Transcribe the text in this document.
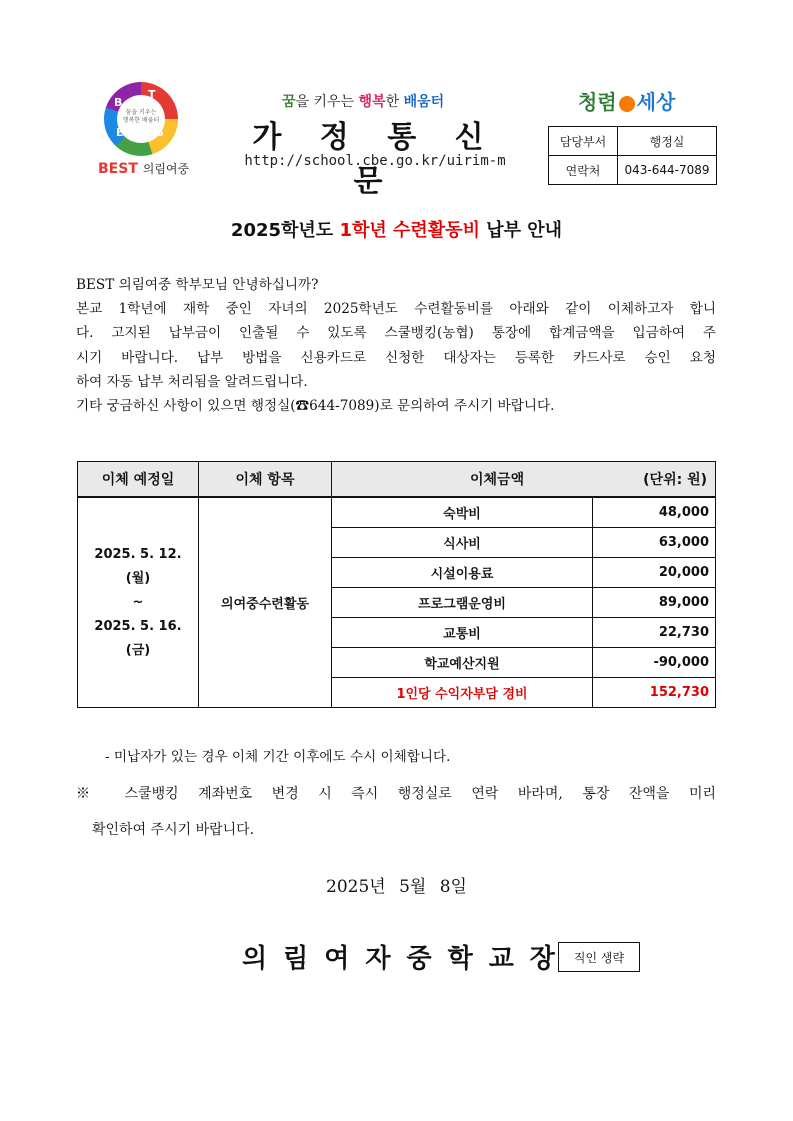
꿈을 키우는
행복한 배움터
B
E	S
T
BEST 의림여중
꿈을 키우는 행복한 배움터
가 정 통 신 문
http://school.cbe.go.kr/uirim-m
청렴 세상
담당부서	행정실
연락처	043-644-7089
2025학년도 1학년 수련활동비 납부 안내
BEST 의림여중 학부모님 안녕하십니까?
본교 1학년에 재학 중인 자녀의 2025학년도 수련활동비를 아래와 같이 이체하고자 합니
다. 고지된 납부금이 인출될 수 있도록 스쿨뱅킹(농협) 통장에 합계금액을 입금하여 주
시기 바랍니다. 납부 방법을 신용카드로 신청한 대상자는 등록한 카드사로 승인 요청
하여 자동 납부 처리됨을 알려드립니다.
기타 궁금하신 사항이 있으면 행정실(☎644-7089)로 문의하여 주시기 바랍니다.
이체 예정일	이체 항목	이체금액 (단위: 원)	

2025. 5. 12.(월)
~
2025. 5. 16.(금)	의여중수련활동	숙박비	48,000
		식사비	63,000
		시설이용료	20,000
		프로그램운영비	89,000
		교통비	22,730
		학교예산지원	-90,000
		1인당 수익자부담 경비	152,730
- 미납자가 있는 경우 이체 기간 이후에도 수시 이체합니다.
※ 스쿨뱅킹 계좌번호 변경 시 즉시 행정실로 연락 바라며, 통장 잔액을 미리
확인하여 주시기 바랍니다.
2025년 5월 8일
의림여자중학교장 직인 생략
